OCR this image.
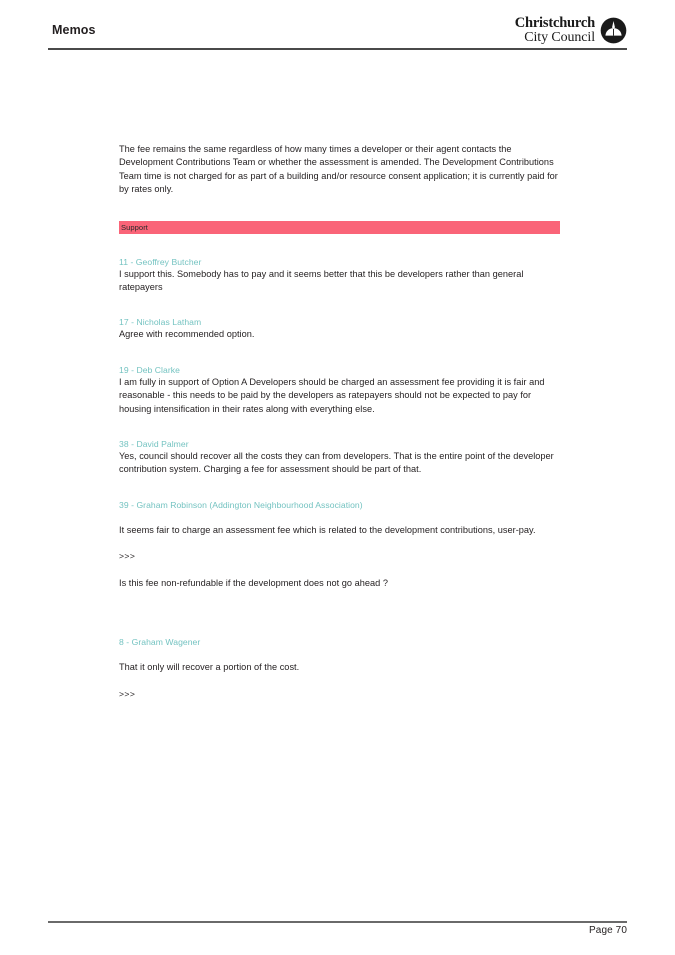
Memos	Christchurch
City Council

The fee remains the same regardless of how many times a developer or their agent contacts the Development Contributions Team or whether the assessment is amended. The Development Contributions Team time is not charged for as part of a building and/or resource consent application; it is currently paid for by rates only.

Support
11 - Geoffrey Butcher

I support this. Somebody has to pay and it seems better that this be developers rather than general ratepayers

17 - Nicholas Latham

Agree with recommended option.

19 - Deb Clarke

I am fully in support of Option A Developers should be charged an assessment fee providing it is fair and reasonable - this needs to be paid by the developers as ratepayers should not be expected to pay for housing intensification in their rates along with everything else.

38 - David Palmer

Yes, council should recover all the costs they can from developers. That is the entire point of the developer contribution system. Charging a fee for assessment should be part of that.

39 - Graham Robinson (Addington Neighbourhood Association)

It seems fair to charge an assessment fee which is related to the development contributions, user-pay.

>>>

Is this fee non-refundable if the development does not go ahead ?

8 - Graham Wagener

That it only will recover a portion of the cost.

>>>
Page 70
